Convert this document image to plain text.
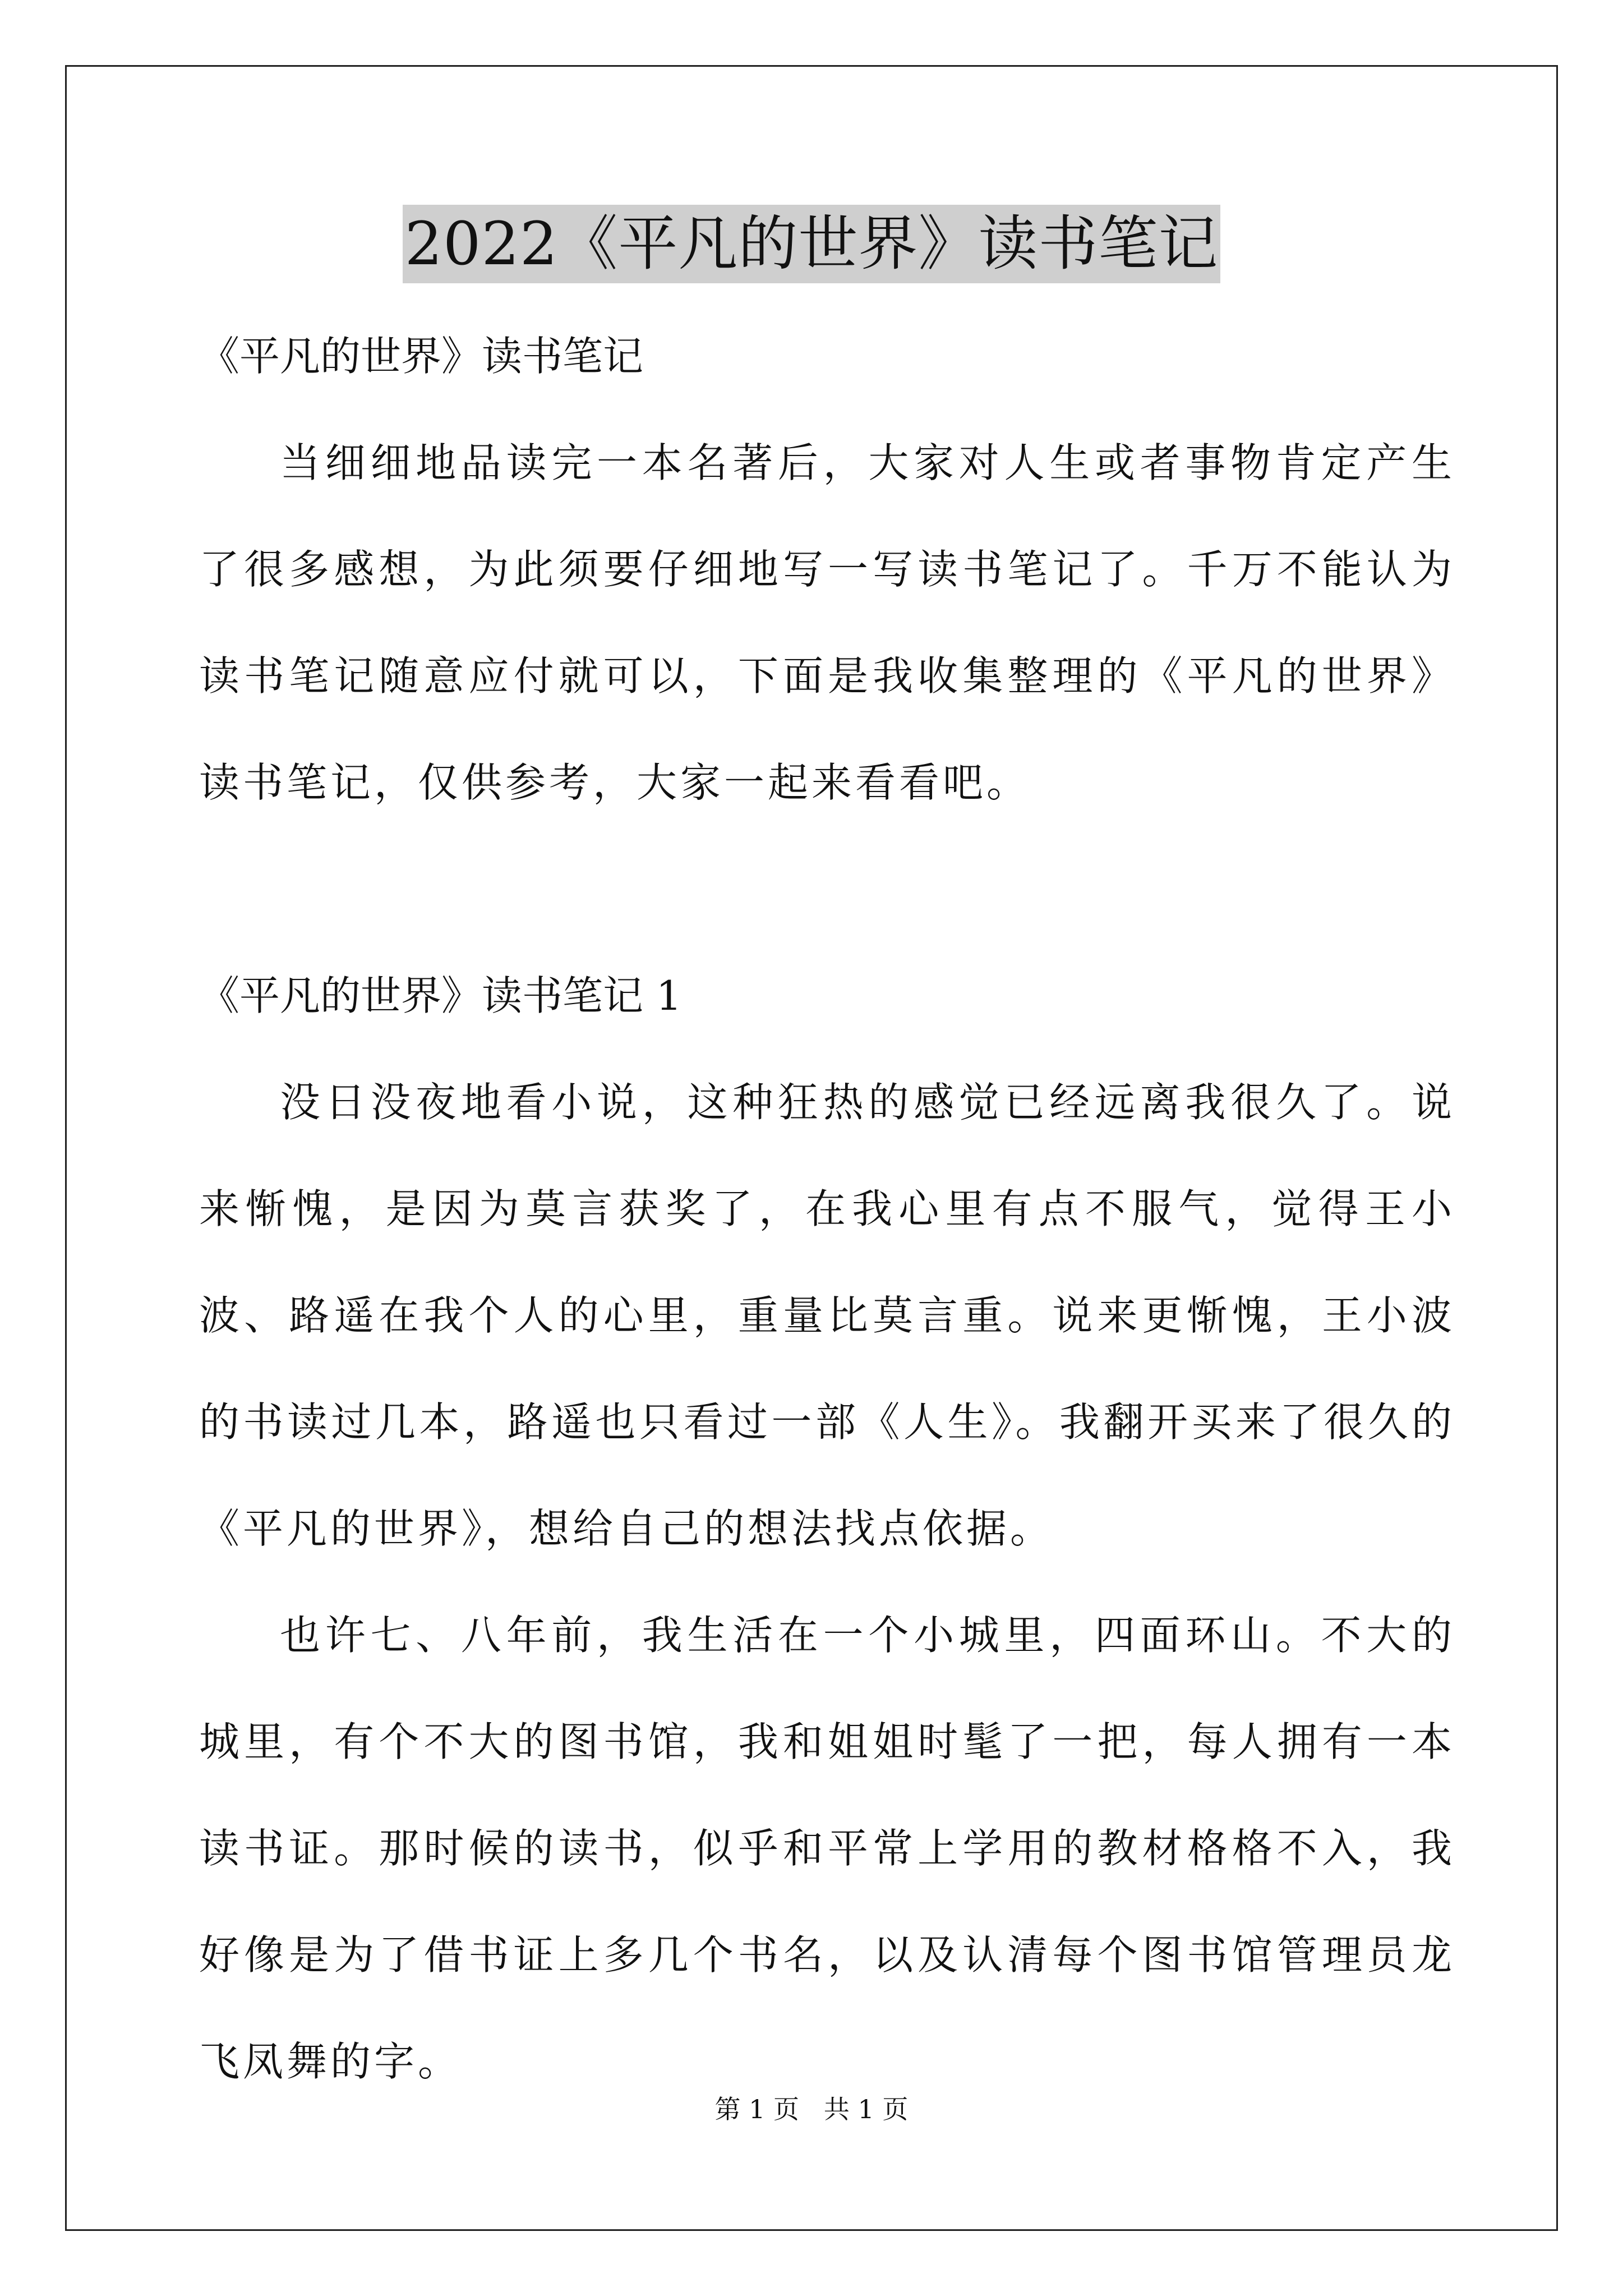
2022《平凡的世界》读书笔记

《平凡的世界》读书笔记

当细细地品读完一本名著后，大家对人生或者事物肯定产生了很多感想，为此须要仔细地写一写读书笔记了。千万不能认为读书笔记随意应付就可以，下面是我收集整理的《平凡的世界》读书笔记，仅供参考，大家一起来看看吧。

《平凡的世界》读书笔记 1

没日没夜地看小说，这种狂热的感觉已经远离我很久了。说来惭愧，是因为莫言获奖了，在我心里有点不服气，觉得王小波、路遥在我个人的心里，重量比莫言重。说来更惭愧，王小波的书读过几本，路遥也只看过一部《人生》。我翻开买来了很久的《平凡的世界》，想给自己的想法找点依据。

也许七、八年前，我生活在一个小城里，四面环山。不大的城里，有个不大的图书馆，我和姐姐时髦了一把，每人拥有一本读书证。那时候的读书，似乎和平常上学用的教材格格不入，我好像是为了借书证上多几个书名，以及认清每个图书馆管理员龙飞凤舞的字。

第 1 页   共 1 页
